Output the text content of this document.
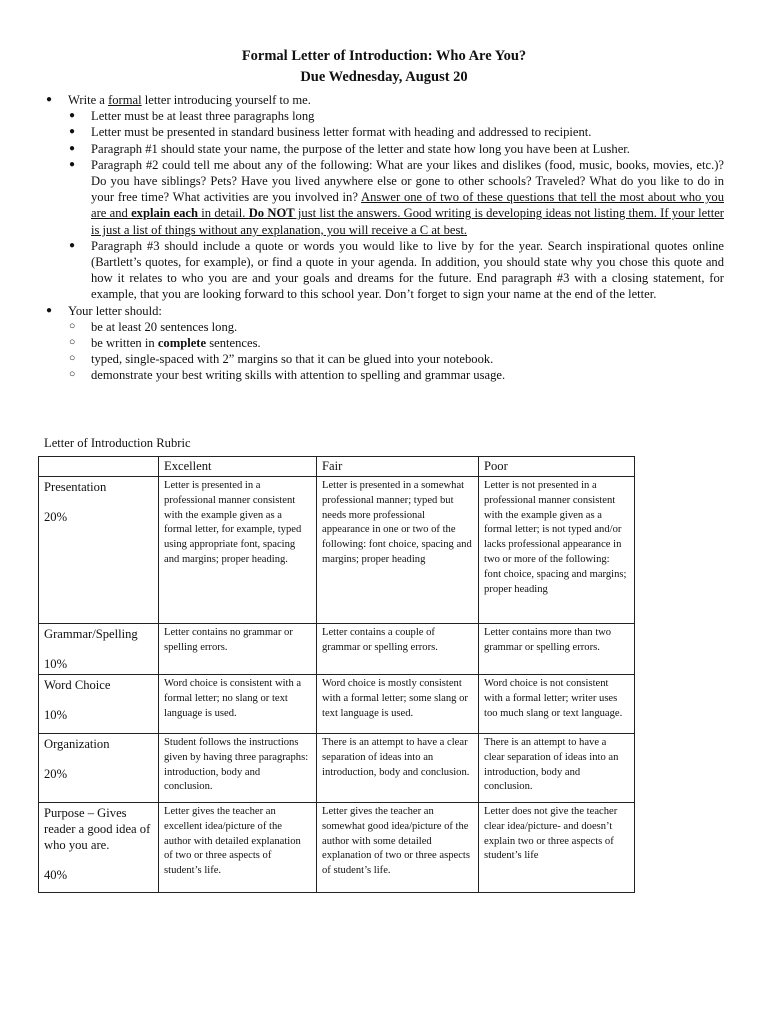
Formal Letter of Introduction: Who Are You?
Due Wednesday, August 20
● Write a formal letter introducing yourself to me.
● Letter must be at least three paragraphs long
● Letter must be presented in standard business letter format with heading and addressed to recipient.
● Paragraph #1 should state your name, the purpose of the letter and state how long you have been at Lusher.
● Paragraph #2 could tell me about any of the following: What are your likes and dislikes (food, music, books, movies, etc.)? Do you have siblings? Pets? Have you lived anywhere else or gone to other schools? Traveled? What do you like to do in your free time? What activities are you involved in? Answer one of two of these questions that tell the most about who you are and explain each in detail. Do NOT just list the answers. Good writing is developing ideas not listing them. If your letter is just a list of things without any explanation, you will receive a C at best.
● Paragraph #3 should include a quote or words you would like to live by for the year. Search inspirational quotes online (Bartlett’s quotes, for example), or find a quote in your agenda. In addition, you should state why you chose this quote and how it relates to who you are and your goals and dreams for the future. End paragraph #3 with a closing statement, for example, that you are looking forward to this school year. Don’t forget to sign your name at the end of the letter.
● Your letter should:
○ be at least 20 sentences long.
○ be written in complete sentences.
○ typed, single-spaced with 2” margins so that it can be glued into your notebook.
○ demonstrate your best writing skills with attention to spelling and grammar usage.
Letter of Introduction Rubric
	Excellent	Fair	Poor

Presentation
20%	Letter is presented in a professional manner consistent with the example given as a formal letter, for example, typed using appropriate font, spacing and margins; proper heading.	Letter is presented in a somewhat professional manner; typed but needs more professional appearance in one or two of the following: font choice, spacing and margins; proper heading	Letter is not presented in a professional manner consistent with the example given as a formal letter; is not typed and/or lacks professional appearance in two or more of the following: font choice, spacing and margins; proper heading

Grammar/Spelling
10%	Letter contains no grammar or spelling errors.	Letter contains a couple of grammar or spelling errors.	Letter contains more than two grammar or spelling errors.

Word Choice
10%	Word choice is consistent with a formal letter; no slang or text language is used.	Word choice is mostly consistent with a formal letter; some slang or text language is used.	Word choice is not consistent with a formal letter; writer uses too much slang or text language.

Organization
20%	Student follows the instructions given by having three paragraphs: introduction, body and conclusion.	There is an attempt to have a clear separation of ideas into an introduction, body and conclusion.	There is an attempt to have a clear separation of ideas into an introduction, body and conclusion.

Purpose – Gives reader a good idea of who you are.
40%	Letter gives the teacher an excellent idea/picture of the author with detailed explanation of two or three aspects of student’s life.	Letter gives the teacher an somewhat good idea/picture of the author with some detailed explanation of two or three aspects of student’s life.	Letter does not give the teacher clear idea/picture- and doesn’t explain two or three aspects of student’s life
